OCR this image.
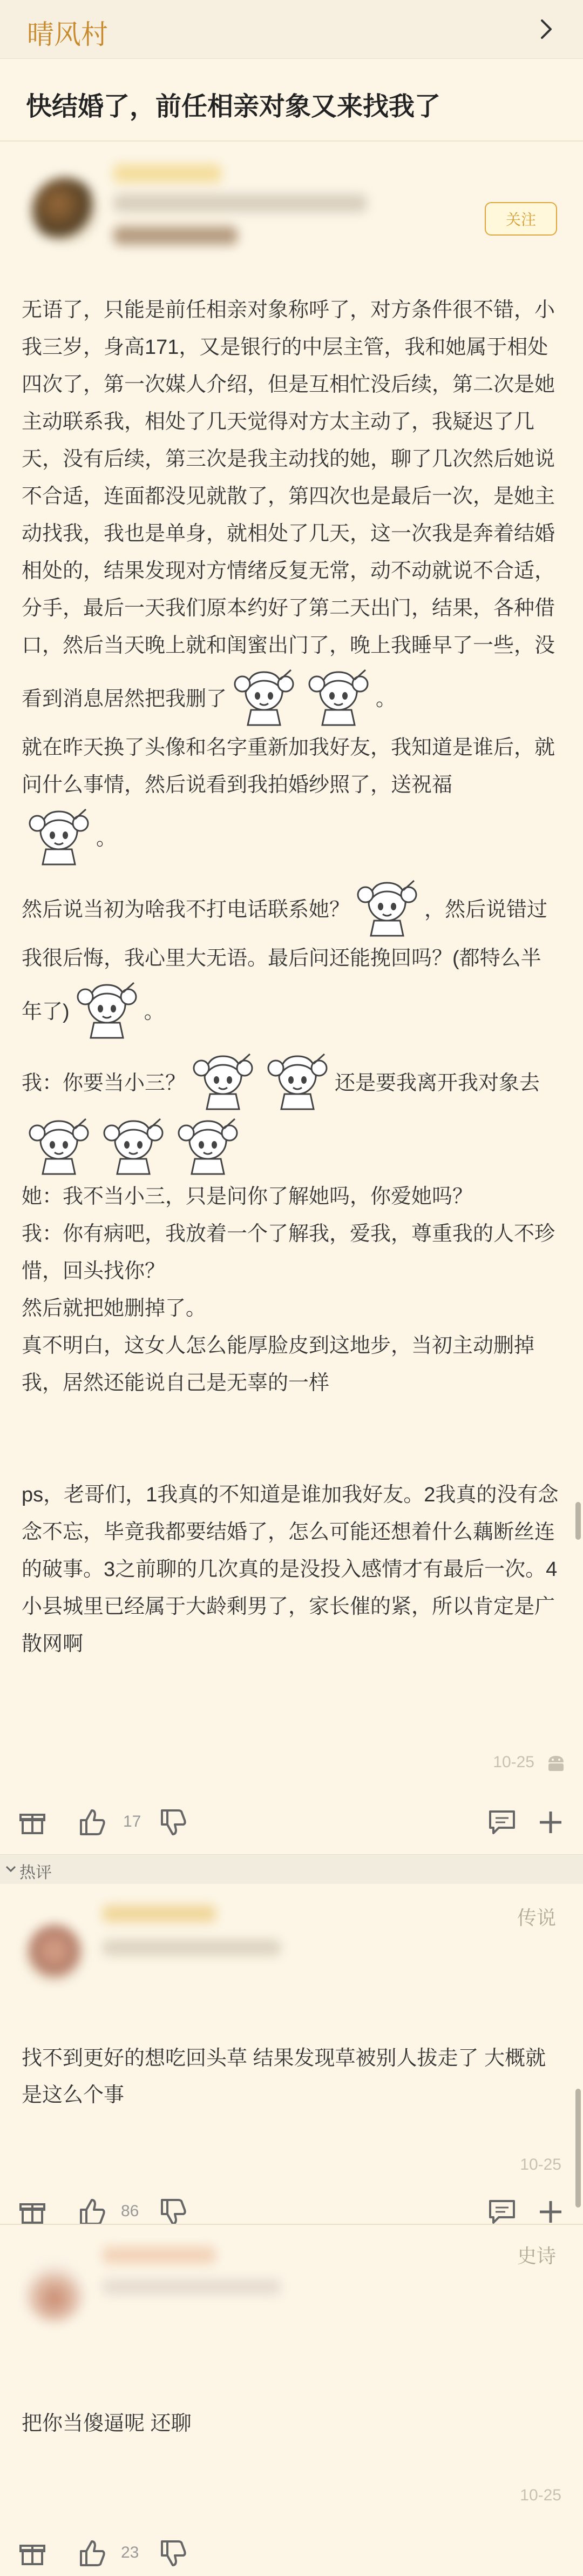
晴风村
快结婚了，前任相亲对象又来找我了
关注

无语了，只能是前任相亲对象称呼了，对方条件很不错，小我三岁，身高171，又是银行的中层主管，我和她属于相处四次了，第一次媒人介绍，但是互相忙没后续，第二次是她主动联系我，相处了几天觉得对方太主动了，我疑迟了几天，没有后续，第三次是我主动找的她，聊了几次然后她说不合适，连面都没见就散了，第四次也是最后一次，是她主动找我，我也是单身，就相处了几天，这一次我是奔着结婚相处的，结果发现对方情绪反复无常，动不动就说不合适，分手，最后一天我们原本约好了第二天出门，结果，各种借口，然后当天晚上就和闺蜜出门了，晚上我睡早了一些，没看到消息居然把我删了	。

就在昨天换了头像和名字重新加我好友，我知道是谁后，就问什么事情，然后说看到我拍婚纱照了，送祝福
。

然后说当初为啥我不打电话联系她？	，然后说错过我很后悔，我心里大无语。最后问还能挽回吗？(都特么半年了)	。

我：你要当小三？	还是要我离开我对象去

她：我不当小三，只是问你了解她吗，你爱她吗？

我：你有病吧，我放着一个了解我，爱我，尊重我的人不珍惜，回头找你？

然后就把她删掉了。

真不明白，这女人怎么能厚脸皮到这地步，当初主动删掉我，居然还能说自己是无辜的一样

ps，老哥们，1我真的不知道是谁加我好友。2我真的没有念念不忘，毕竟我都要结婚了，怎么可能还想着什么藕断丝连的破事。3之前聊的几次真的是没投入感情才有最后一次。4小县城里已经属于大龄剩男了，家长催的紧，所以肯定是广散网啊

10-25
17
热评
传说
找不到更好的想吃回头草 结果发现草被别人拔走了 大概就是这么个事
10-25
86
史诗
把你当傻逼呢 还聊
10-25
23
